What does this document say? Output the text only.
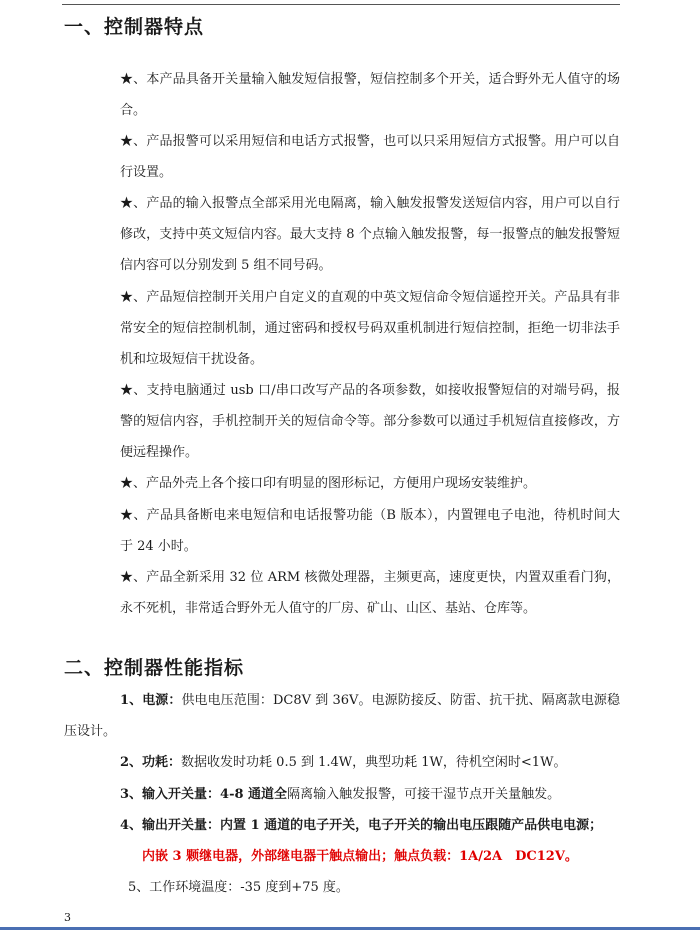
一、控制器特点

★、本产品具备开关量输入触发短信报警，短信控制多个开关，适合野外无人值守的场合。

★、产品报警可以采用短信和电话方式报警，也可以只采用短信方式报警。用户可以自行设置。

★、产品的输入报警点全部采用光电隔离，输入触发报警发送短信内容，用户可以自行修改，支持中英文短信内容。最大支持 8 个点输入触发报警，每一报警点的触发报警短信内容可以分别发到 5 组不同号码。

★、产品短信控制开关用户自定义的直观的中英文短信命令短信遥控开关。产品具有非常安全的短信控制机制，通过密码和授权号码双重机制进行短信控制，拒绝一切非法手机和垃圾短信干扰设备。

★、支持电脑通过 usb 口/串口改写产品的各项参数，如接收报警短信的对端号码，报警的短信内容，手机控制开关的短信命令等。部分参数可以通过手机短信直接修改，方便远程操作。

★、产品外壳上各个接口印有明显的图形标记，方便用户现场安装维护。

★、产品具备断电来电短信和电话报警功能（B 版本），内置锂电子电池，待机时间大于 24 小时。

★、产品全新采用 32 位 ARM 核微处理器，主频更高，速度更快，内置双重看门狗，永不死机，非常适合野外无人值守的厂房、矿山、山区、基站、仓库等。

二、控制器性能指标

1、电源：供电电压范围：DC8V 到 36V。电源防接反、防雷、抗干扰、隔离款电源稳压设计。

2、功耗：数据收发时功耗 0.5 到 1.4W，典型功耗 1W，待机空闲时<1W。

3、输入开关量：4-8 通道全隔离输入触发报警，可接干湿节点开关量触发。

4、输出开关量：内置 1 通道的电子开关，电子开关的输出电压跟随产品供电电源；

内嵌 3 颗继电器，外部继电器干触点输出；触点负载：1A/2A　DC12V。

5、工作环境温度：-35 度到+75 度。

3
